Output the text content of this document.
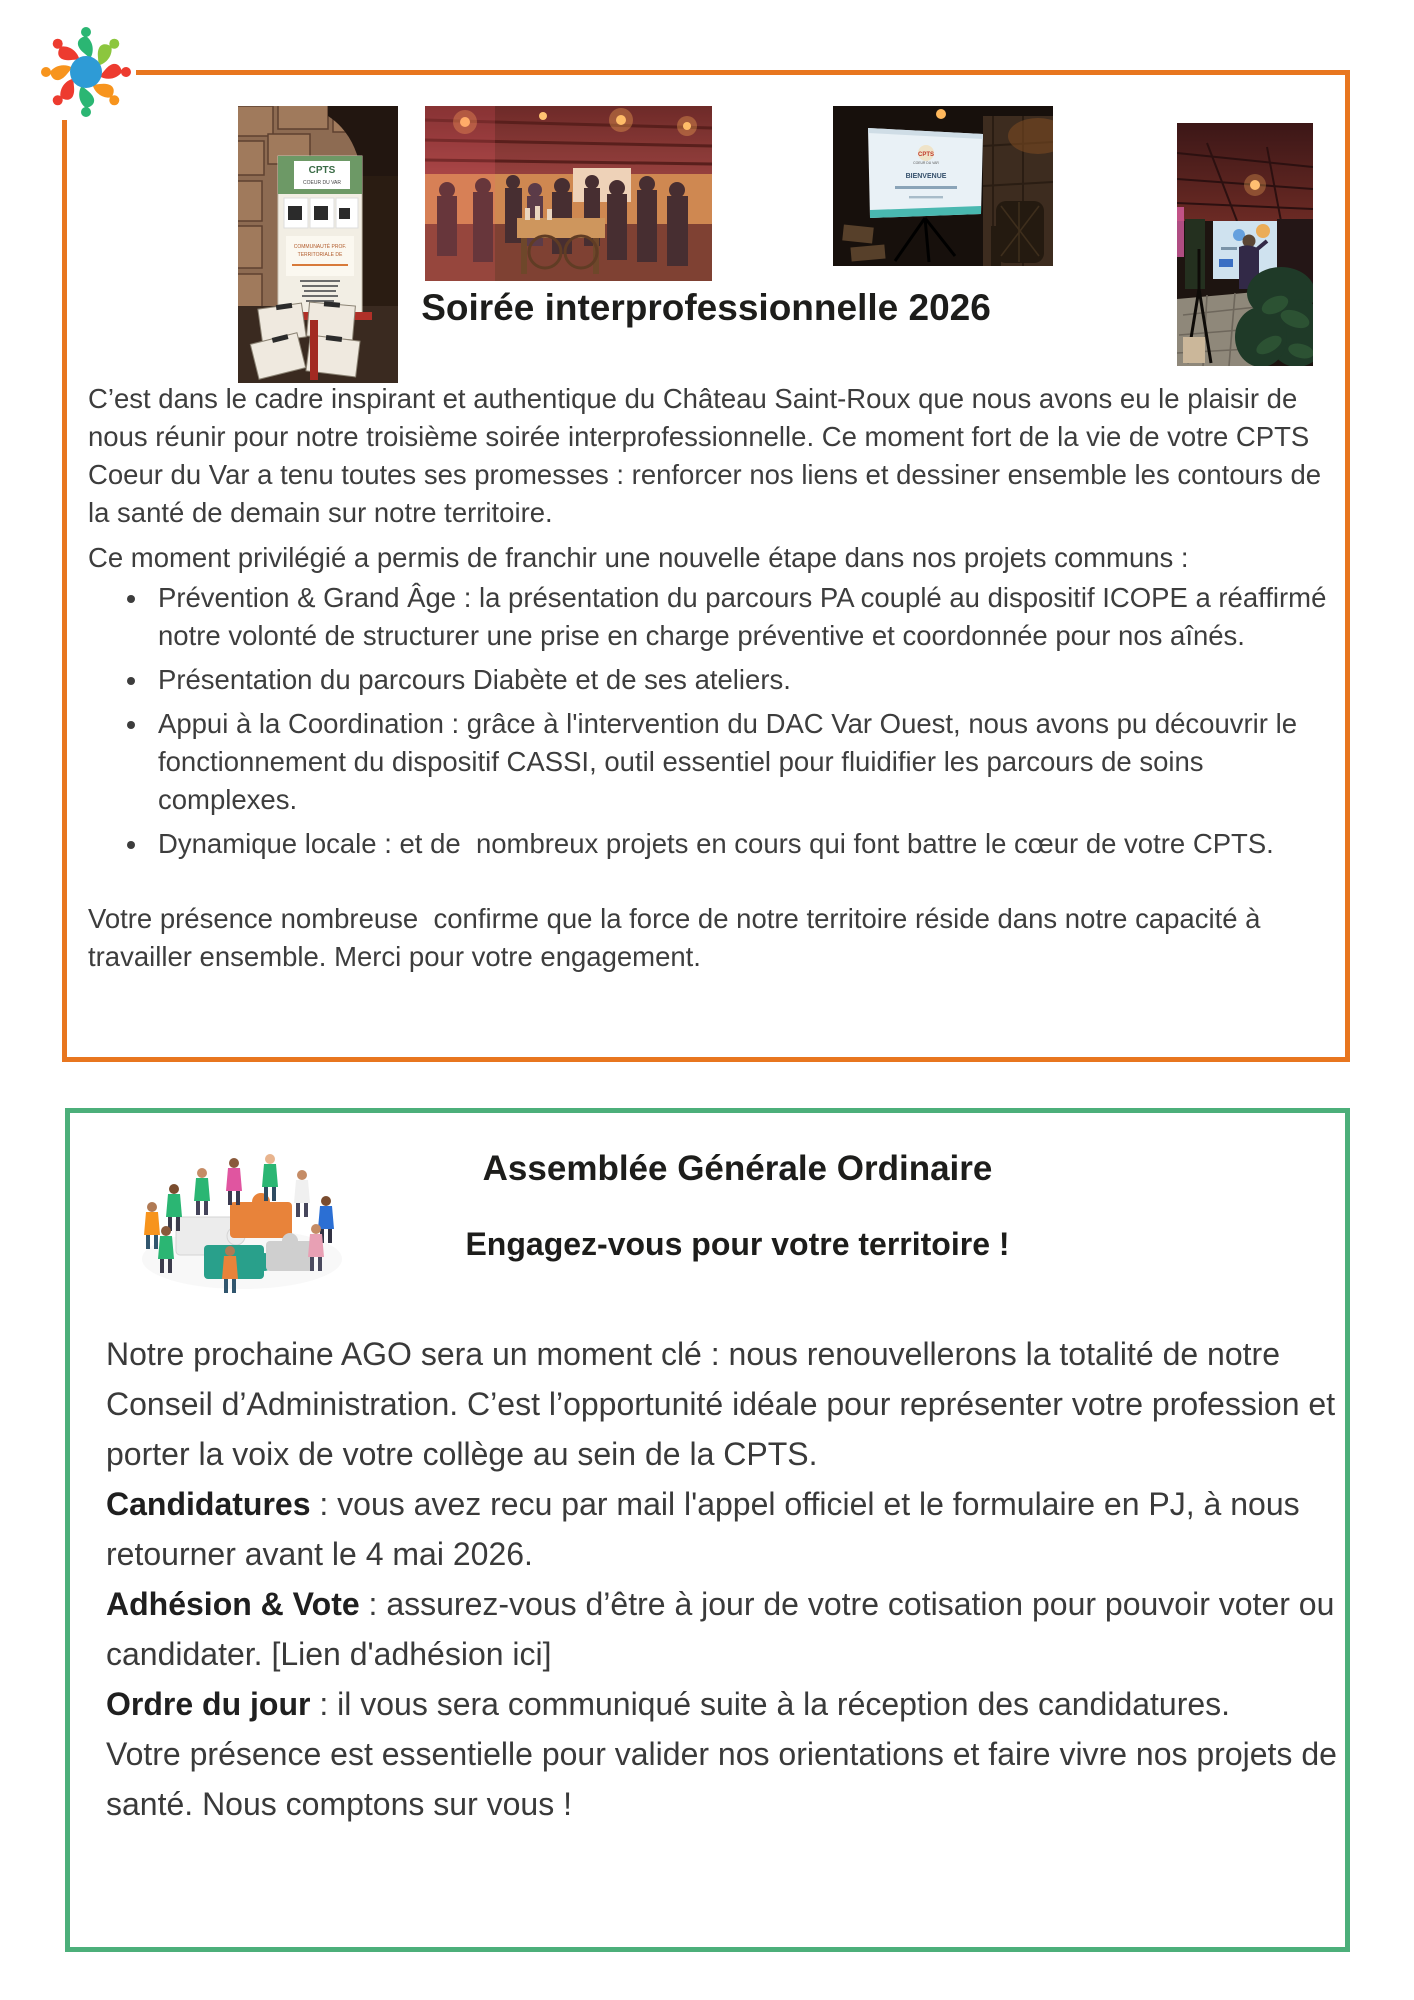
CPTS
COEUR DU VAR
COMMUNAUTÉ PROF.
TERRITORIALE DE
CPTS
COEUR DU VAR
BIENVENUE
Soirée interprofessionnelle 2026

C’est dans le cadre inspirant et authentique du Château Saint-Roux que nous avons eu le plaisir de nous réunir pour notre troisième soirée interprofessionnelle. Ce moment fort de la vie de votre CPTS Coeur du Var a tenu toutes ses promesses : renforcer nos liens et dessiner ensemble les contours de la santé de demain sur notre territoire.

Ce moment privilégié a permis de franchir une nouvelle étape dans nos projets communs :

• Prévention & Grand Âge : la présentation du parcours PA couplé au dispositif ICOPE a réaffirmé notre volonté de structurer une prise en charge préventive et coordonnée pour nos aînés.
• Présentation du parcours Diabète et de ses ateliers.
• Appui à la Coordination : grâce à l'intervention du DAC Var Ouest, nous avons pu découvrir le fonctionnement du dispositif CASSI, outil essentiel pour fluidifier les parcours de soins complexes.
• Dynamique locale : et de  nombreux projets en cours qui font battre le cœur de votre CPTS.

Votre présence nombreuse  confirme que la force de notre territoire réside dans notre capacité à travailler ensemble. Merci pour votre engagement.

Assemblée Générale Ordinaire
Engagez-vous pour votre territoire !

Notre prochaine AGO sera un moment clé : nous renouvellerons la totalité de notre Conseil d’Administration. C’est l’opportunité idéale pour représenter votre profession et porter la voix de votre collège au sein de la CPTS.

Candidatures : vous avez recu par mail l'appel officiel et le formulaire en PJ, à nous retourner avant le 4 mai 2026.

Adhésion & Vote : assurez-vous d’être à jour de votre cotisation pour pouvoir voter ou candidater. [Lien d'adhésion ici]

Ordre du jour : il vous sera communiqué suite à la réception des candidatures.

Votre présence est essentielle pour valider nos orientations et faire vivre nos projets de santé. Nous comptons sur vous !
